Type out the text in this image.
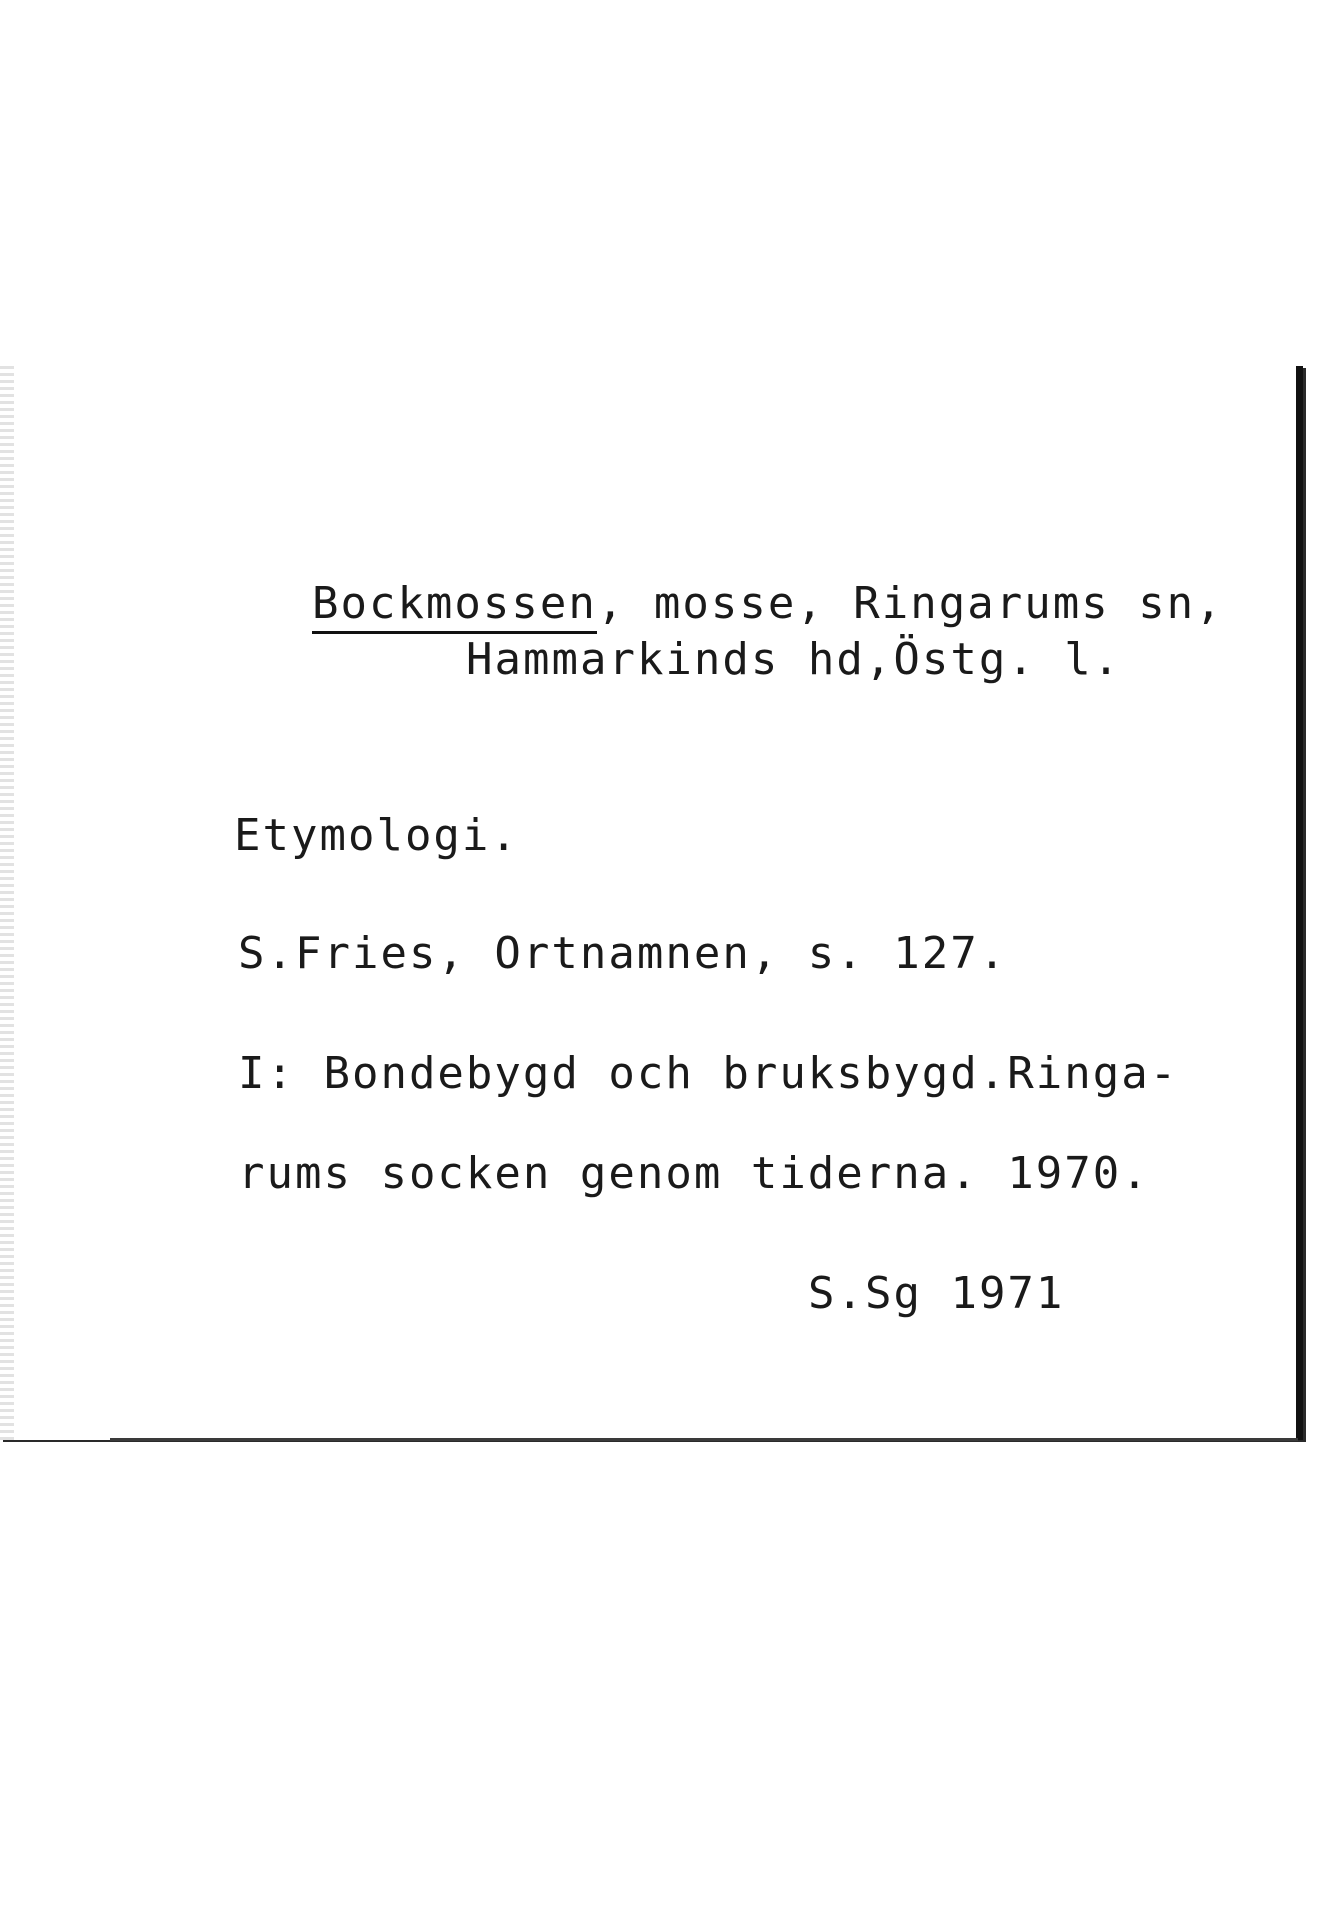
Bockmossen, mosse, Ringarums sn,

Hammarkinds hd,Östg. l.
Etymologi.
S.Fries, Ortnamnen, s. 127.
I: Bondebygd och bruksbygd.Ringa-
rums socken genom tiderna. 1970.
S.Sg 1971
